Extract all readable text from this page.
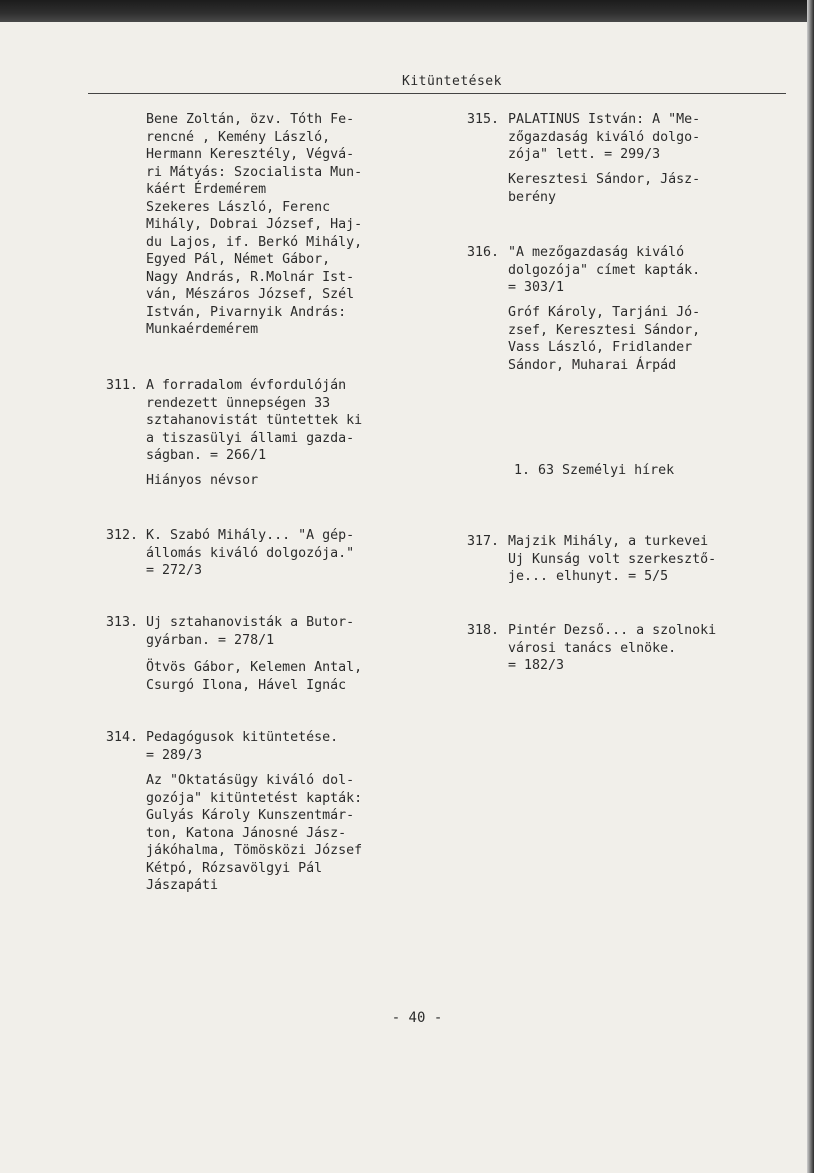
Kitüntetések
Bene Zoltán, özv. Tóth Fe-
rencné , Kemény László,
Hermann Keresztély, Végvá-
ri Mátyás: Szocialista Mun-
káért Érdemérem
Szekeres László, Ferenc
Mihály, Dobrai József, Haj-
du Lajos, if. Berkó Mihály,
Egyed Pál, Német Gábor,
Nagy András, R.Molnár Ist-
ván, Mészáros József, Szél
István, Pivarnyik András:
Munkaérdemérem
311. A forradalom évfordulóján
rendezett ünnepségen 33
sztahanovistát tüntettek ki
a tiszasülyi állami gazda-
ságban. = 266/1
Hiányos névsor
312. K. Szabó Mihály... "A gép-
állomás kiváló dolgozója."
= 272/3
313. Uj sztahanovisták a Butor-
gyárban. = 278/1
Ötvös Gábor, Kelemen Antal,
Csurgó Ilona, Hável Ignác
314. Pedagógusok kitüntetése.
= 289/3
Az "Oktatásügy kiváló dol-
gozója" kitüntetést kapták:
Gulyás Károly Kunszentmár-
ton, Katona Jánosné Jász-
jákóhalma, Tömösközi József
Kétpó, Rózsavölgyi Pál
Jászapáti
315. PALATINUS István: A "Me-
zőgazdaság kiváló dolgo-
zója" lett. = 299/3
Keresztesi Sándor, Jász-
berény
316. "A mezőgazdaság kiváló
dolgozója" címet kapták.
= 303/1
Gróf Károly, Tarjáni Jó-
zsef, Keresztesi Sándor,
Vass László, Fridlander
Sándor, Muharai Árpád
1. 63 Személyi hírek
317. Majzik Mihály, a turkevei
Uj Kunság volt szerkesztő-
je... elhunyt. = 5/5
318. Pintér Dezső... a szolnoki
városi tanács elnöke.
= 182/3
- 40 -
